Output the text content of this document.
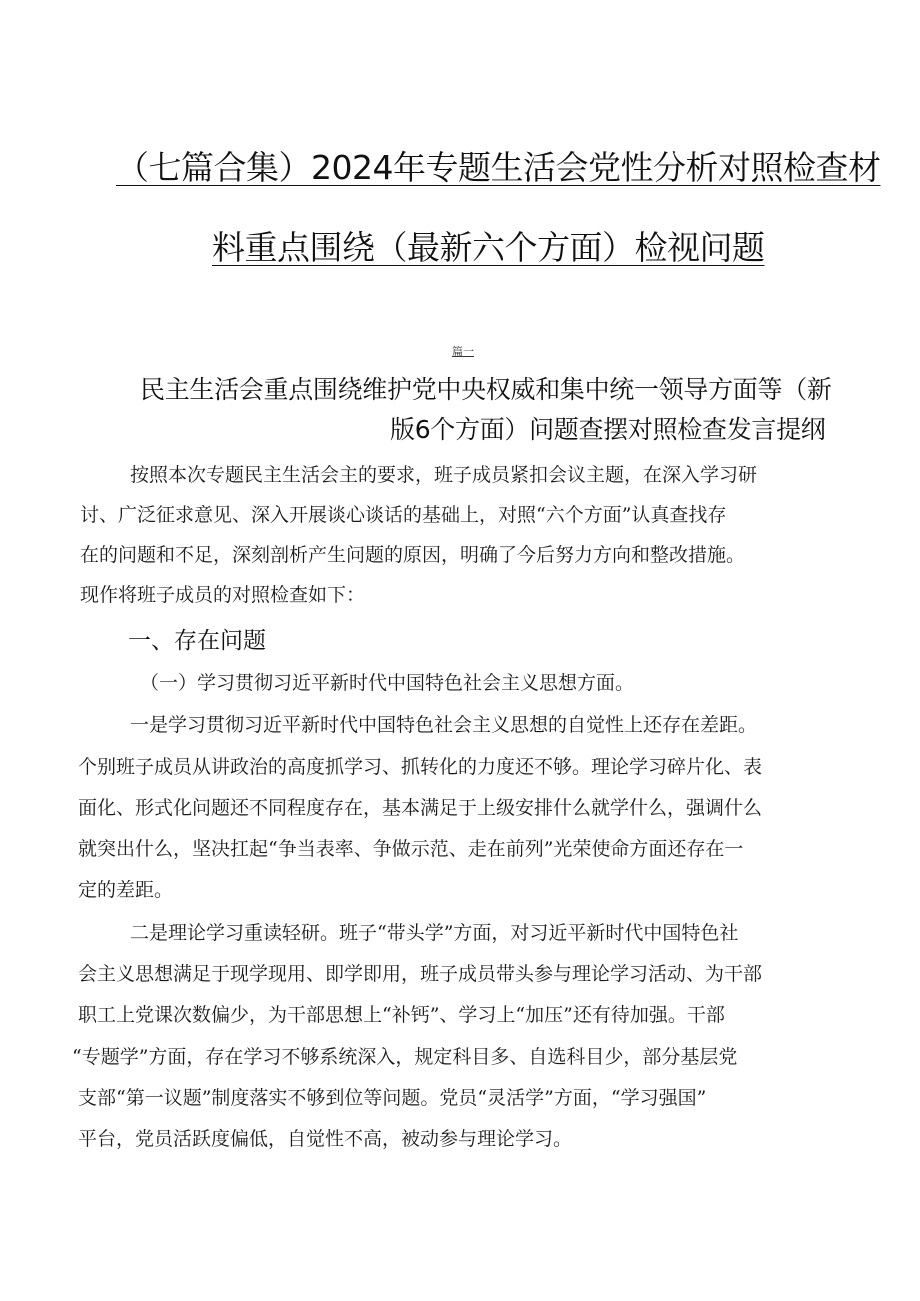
（七篇合集）2024年专题生活会党性分析对照检查材
料重点围绕（最新六个方面）检视问题
篇一
民主生活会重点围绕维护党中央权威和集中统一领导方面等（新
版6个方面）问题查摆对照检查发言提纲
按照本次专题民主生活会主的要求，班子成员紧扣会议主题，在深入学习研
讨、广泛征求意见、深入开展谈心谈话的基础上，对照“六个方面”认真查找存
在的问题和不足，深刻剖析产生问题的原因，明确了今后努力方向和整改措施。
现作将班子成员的对照检查如下：
一、存在问题
（一）学习贯彻习近平新时代中国特色社会主义思想方面。
一是学习贯彻习近平新时代中国特色社会主义思想的自觉性上还存在差距。
个别班子成员从讲政治的高度抓学习、抓转化的力度还不够。理论学习碎片化、表
面化、形式化问题还不同程度存在，基本满足于上级安排什么就学什么，强调什么
就突出什么，坚决扛起“争当表率、争做示范、走在前列”光荣使命方面还存在一
定的差距。
二是理论学习重读轻研。班子“带头学”方面，对习近平新时代中国特色社
会主义思想满足于现学现用、即学即用，班子成员带头参与理论学习活动、为干部
职工上党课次数偏少，为干部思想上“补钙”、学习上“加压”还有待加强。干部
“专题学”方面，存在学习不够系统深入，规定科目多、自选科目少，部分基层党
支部“第一议题”制度落实不够到位等问题。党员“灵活学”方面，“学习强国”
平台，党员活跃度偏低，自觉性不高，被动参与理论学习。
